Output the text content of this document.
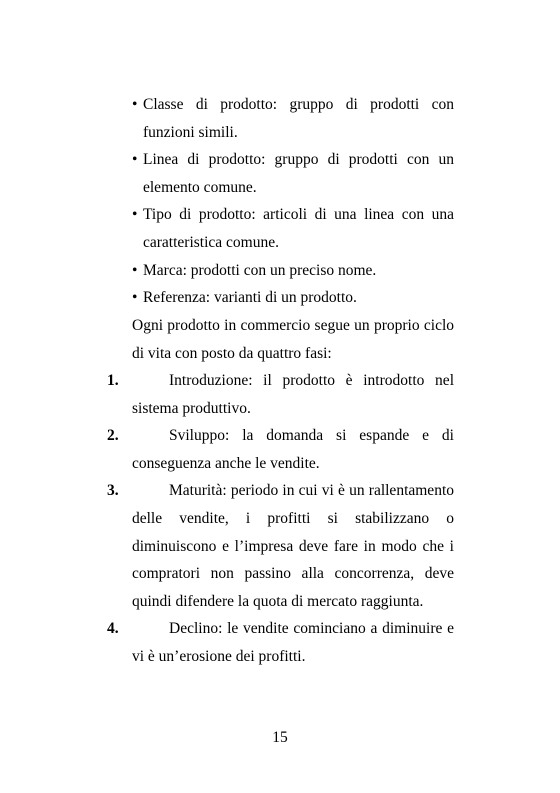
• Classe di prodotto: gruppo di prodotti con funzioni simili.
• Linea di prodotto: gruppo di prodotti con un elemento comune.
• Tipo di prodotto: articoli di una linea con una caratteristica comune.
• Marca: prodotti con un preciso nome.
• Referenza: varianti di un prodotto.

Ogni prodotto in commercio segue un proprio ciclo di vita con posto da quattro fasi:

1.	Introduzione: il prodotto è introdotto nel sistema produttivo.
2.	Sviluppo: la domanda si espande e di conseguenza anche le vendite.
3.	Maturità: periodo in cui vi è un rallentamento delle vendite, i profitti si stabilizzano o diminuiscono e l’impresa deve fare in modo che i compratori non passino alla concorrenza, deve quindi difendere la quota di mercato raggiunta.
4.	Declino: le vendite cominciano a diminuire e vi è un’erosione dei profitti.
15
